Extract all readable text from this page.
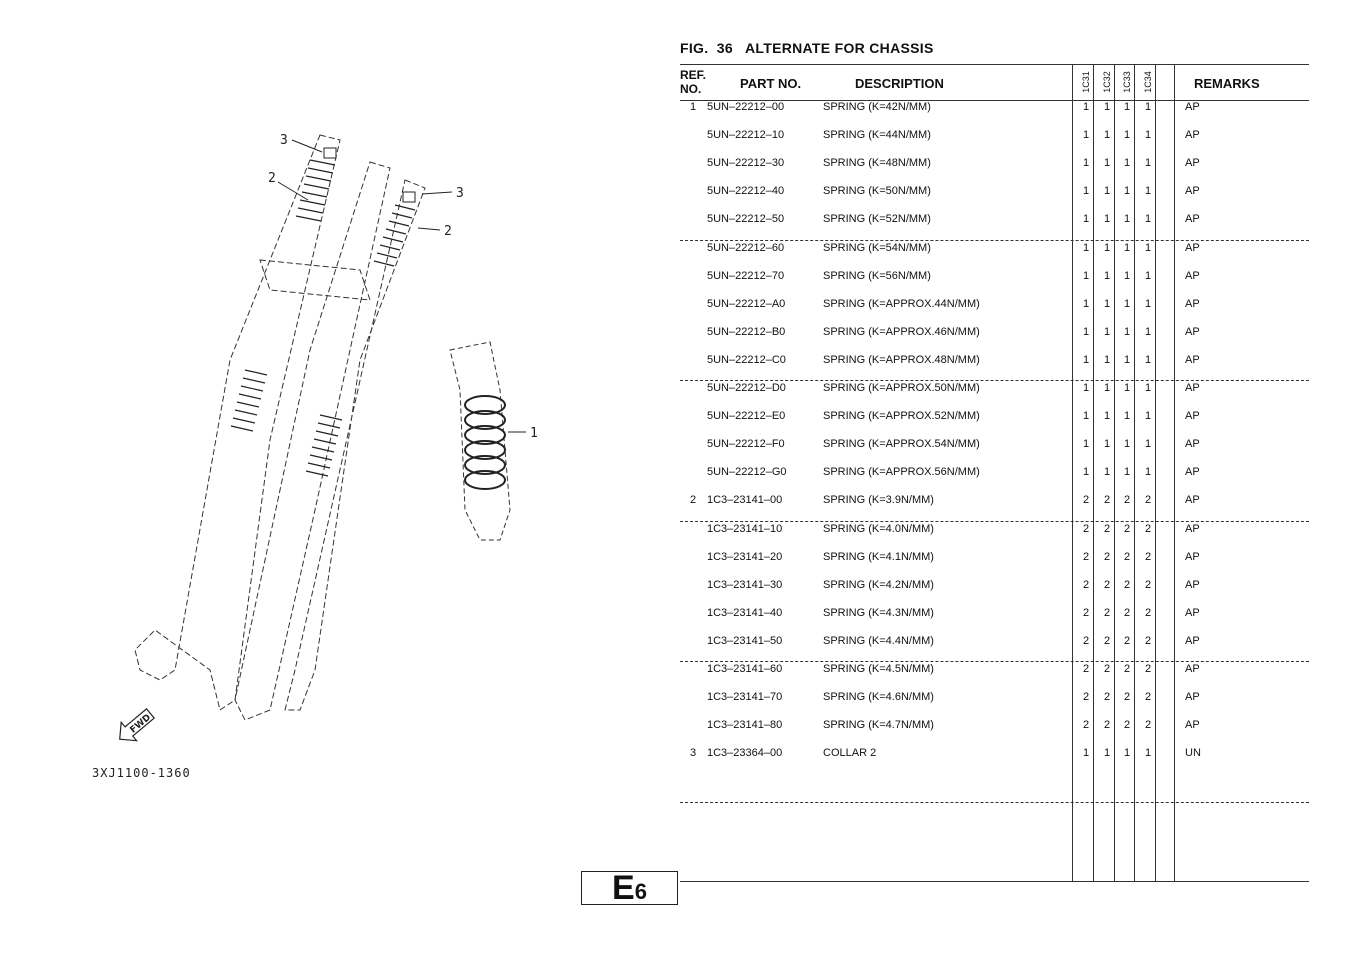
3
2
3
2
1
FWD
3XJ1100-1360
FIG.  36   ALTERNATE FOR CHASSIS
REF. NO.	PART NO.	DESCRIPTION	1C31 1C32 1C33 1C34	REMARKS
1 5UN–22212–00	SPRING (K=42N/MM)	1	1	1	1	AP
5UN–22212–10	SPRING (K=44N/MM)	1	1	1	1	AP
5UN–22212–30	SPRING (K=48N/MM)	1	1	1	1	AP
5UN–22212–40	SPRING (K=50N/MM)	1	1	1	1	AP
5UN–22212–50	SPRING (K=52N/MM)	1	1	1	1	AP
5UN–22212–60	SPRING (K=54N/MM)	1	1	1	1	AP
5UN–22212–70	SPRING (K=56N/MM)	1	1	1	1	AP
5UN–22212–A0	SPRING (K=APPROX.44N/MM)	1	1	1	1	AP
5UN–22212–B0	SPRING (K=APPROX.46N/MM)	1	1	1	1	AP
5UN–22212–C0	SPRING (K=APPROX.48N/MM)	1	1	1	1	AP
5UN–22212–D0	SPRING (K=APPROX.50N/MM)	1	1	1	1	AP
5UN–22212–E0	SPRING (K=APPROX.52N/MM)	1	1	1	1	AP
5UN–22212–F0	SPRING (K=APPROX.54N/MM)	1	1	1	1	AP
5UN–22212–G0	SPRING (K=APPROX.56N/MM)	1	1	1	1	AP
2 1C3–23141–00	SPRING (K=3.9N/MM)	2	2	2	2	AP
1C3–23141–10	SPRING (K=4.0N/MM)	2	2	2	2	AP
1C3–23141–20	SPRING (K=4.1N/MM)	2	2	2	2	AP
1C3–23141–30	SPRING (K=4.2N/MM)	2	2	2	2	AP
1C3–23141–40	SPRING (K=4.3N/MM)	2	2	2	2	AP
1C3–23141–50	SPRING (K=4.4N/MM)	2	2	2	2	AP
1C3–23141–60	SPRING (K=4.5N/MM)	2	2	2	2	AP
1C3–23141–70	SPRING (K=4.6N/MM)	2	2	2	2	AP
1C3–23141–80	SPRING (K=4.7N/MM)	2	2	2	2	AP
3 1C3–23364–00	COLLAR 2	1	1	1	1	UN
E6
